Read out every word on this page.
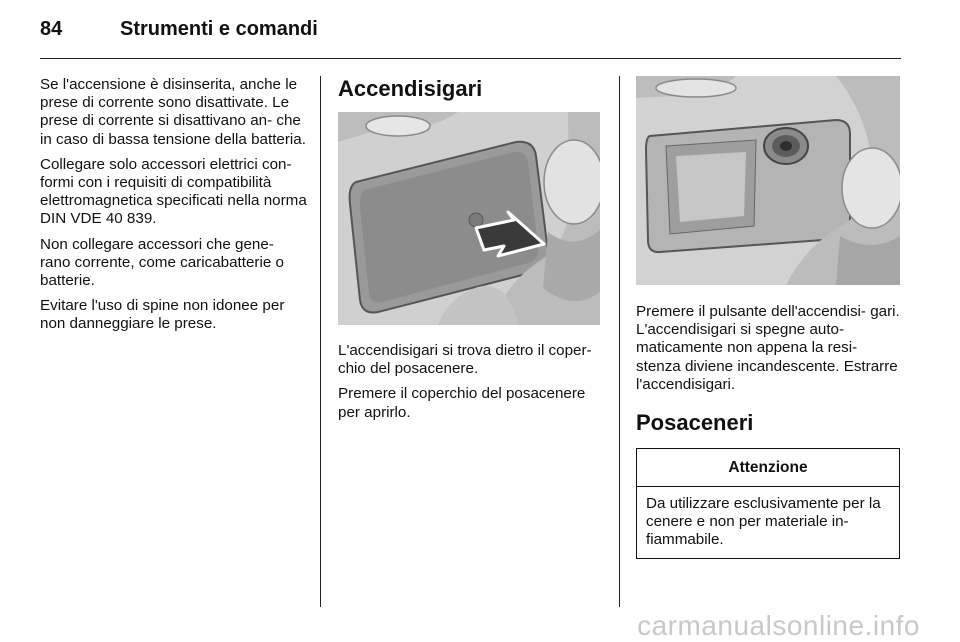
84	Strumenti e comandi

Se l'accensione è disinserita, anche le prese di corrente sono disattivate. Le prese di corrente si disattivano an- che in caso di bassa tensione della batteria.

Collegare solo accessori elettrici con- formi con i requisiti di compatibilità elettromagnetica specificati nella norma DIN VDE 40 839.

Non collegare accessori che gene- rano corrente, come caricabatterie o batterie.

Evitare l'uso di spine non idonee per non danneggiare le prese.

Accendisigari

L'accendisigari si trova dietro il coper- chio del posacenere.

Premere il coperchio del posacenere per aprirlo.

Premere il pulsante dell'accendisi- gari. L'accendisigari si spegne auto- maticamente non appena la resi- stenza diviene incandescente. Estrarre l'accendisigari.

Posaceneri
Attenzione
Da utilizzare esclusivamente per la cenere e non per materiale in- fiammabile.
carmanualsonline.info
